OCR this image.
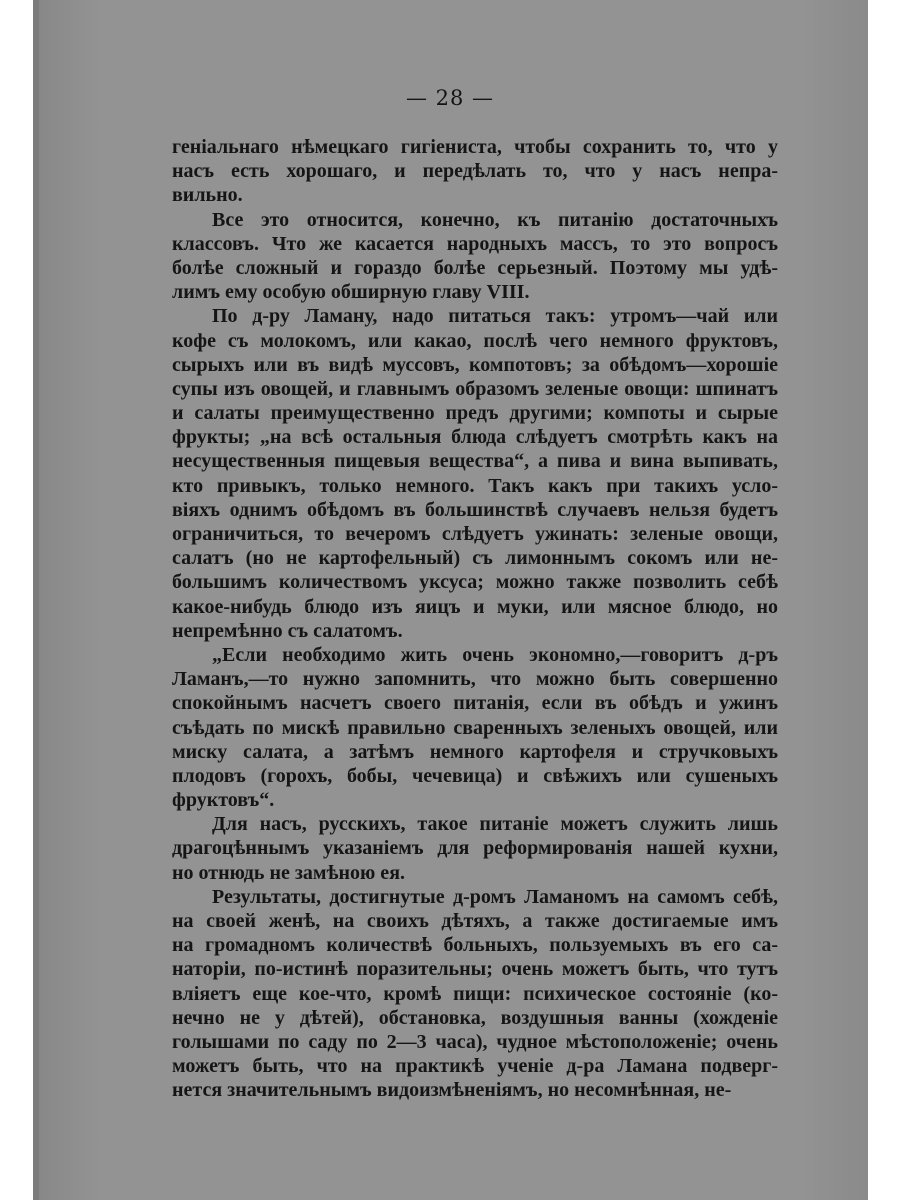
— 28 —
геніальнаго нѣмецкаго гигіениста, чтобы сохранить то, что у
насъ есть хорошаго, и передѣлать то, что у насъ непра-
вильно.
Все это относится, конечно, къ питанію достаточныхъ
классовъ. Что же касается народныхъ массъ, то это вопросъ
болѣе сложный и гораздо болѣе серьезный. Поэтому мы удѣ-
лимъ ему особую обширную главу VIII.
По д-ру Ламану, надо питаться такъ: утромъ—чай или
кофе съ молокомъ, или какао, послѣ чего немного фруктовъ,
сырыхъ или въ видѣ муссовъ, компотовъ; за обѣдомъ—хорошіе
супы изъ овощей, и главнымъ образомъ зеленые овощи: шпинатъ
и салаты преимущественно предъ другими; компоты и сырые
фрукты; „на всѣ остальныя блюда слѣдуетъ смотрѣть какъ на
несущественныя пищевыя вещества“, а пива и вина выпивать,
кто привыкъ, только немного. Такъ какъ при такихъ усло-
віяхъ однимъ обѣдомъ въ большинствѣ случаевъ нельзя будетъ
ограничиться, то вечеромъ слѣдуетъ ужинать: зеленые овощи,
салатъ (но не картофельный) съ лимоннымъ сокомъ или не-
большимъ количествомъ уксуса; можно также позволить себѣ
какое-нибудь блюдо изъ яицъ и муки, или мясное блюдо, но
непремѣнно съ салатомъ.
„Если необходимо жить очень экономно,—говоритъ д-ръ
Ламанъ,—то нужно запомнить, что можно быть совершенно
спокойнымъ насчетъ своего питанія, если въ обѣдъ и ужинъ
съѣдать по мискѣ правильно сваренныхъ зеленыхъ овощей, или
миску салата, а затѣмъ немного картофеля и стручковыхъ
плодовъ (горохъ, бобы, чечевица) и свѣжихъ или сушеныхъ
фруктовъ“.
Для насъ, русскихъ, такое питаніе можетъ служить лишь
драгоцѣннымъ указаніемъ для реформированія нашей кухни,
но отнюдь не замѣною ея.
Результаты, достигнутые д-ромъ Ламаномъ на самомъ себѣ,
на своей женѣ, на своихъ дѣтяхъ, а также достигаемые имъ
на громадномъ количествѣ больныхъ, пользуемыхъ въ его са-
наторіи, по-истинѣ поразительны; очень можетъ быть, что тутъ
вліяетъ еще кое-что, кромѣ пищи: психическое состояніе (ко-
нечно не у дѣтей), обстановка, воздушныя ванны (хожденіе
голышами по саду по 2—3 часа), чудное мѣстоположеніе; очень
можетъ быть, что на практикѣ ученіе д-ра Ламана подверг-
нется значительнымъ видоизмѣненіямъ, но несомнѣнная, не-
